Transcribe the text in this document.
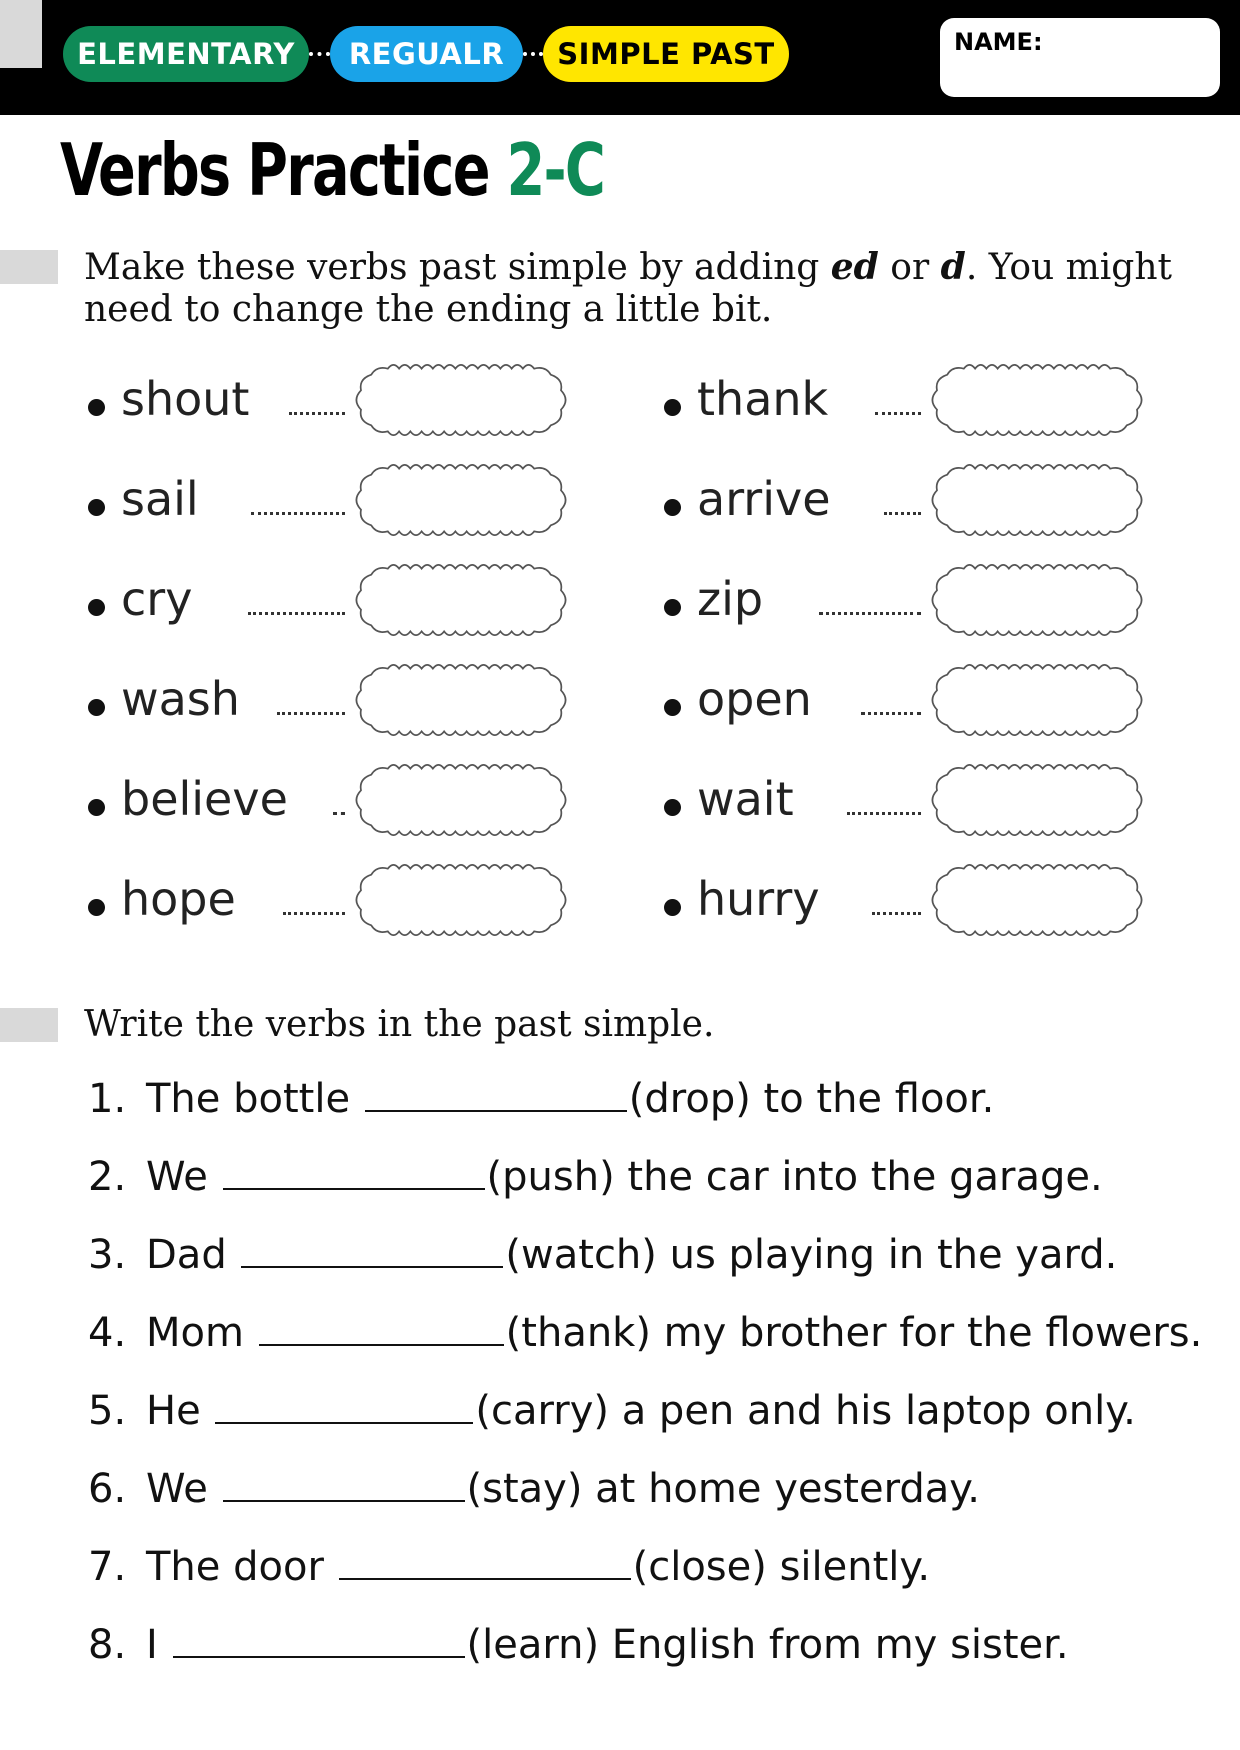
ELEMENTARY	REGUALR	SIMPLE PAST	NAME:
Verbs Practice 2-C

Make these verbs past simple by adding ed or d. You might need to change the ending a little bit.

shout
sail
cry
wash
believe
hope
thank
arrive
zip
open
wait
hurry

Write the verbs in the past simple.

1. The bottle	(drop) to the floor.
2. We	(push) the car into the garage.
3. Dad	(watch) us playing in the yard.
4. Mom	(thank) my brother for the flowers.
5. He	(carry) a pen and his laptop only.
6. We	(stay) at home yesterday.
7. The door	(close) silently.
8. I	(learn) English from my sister.
